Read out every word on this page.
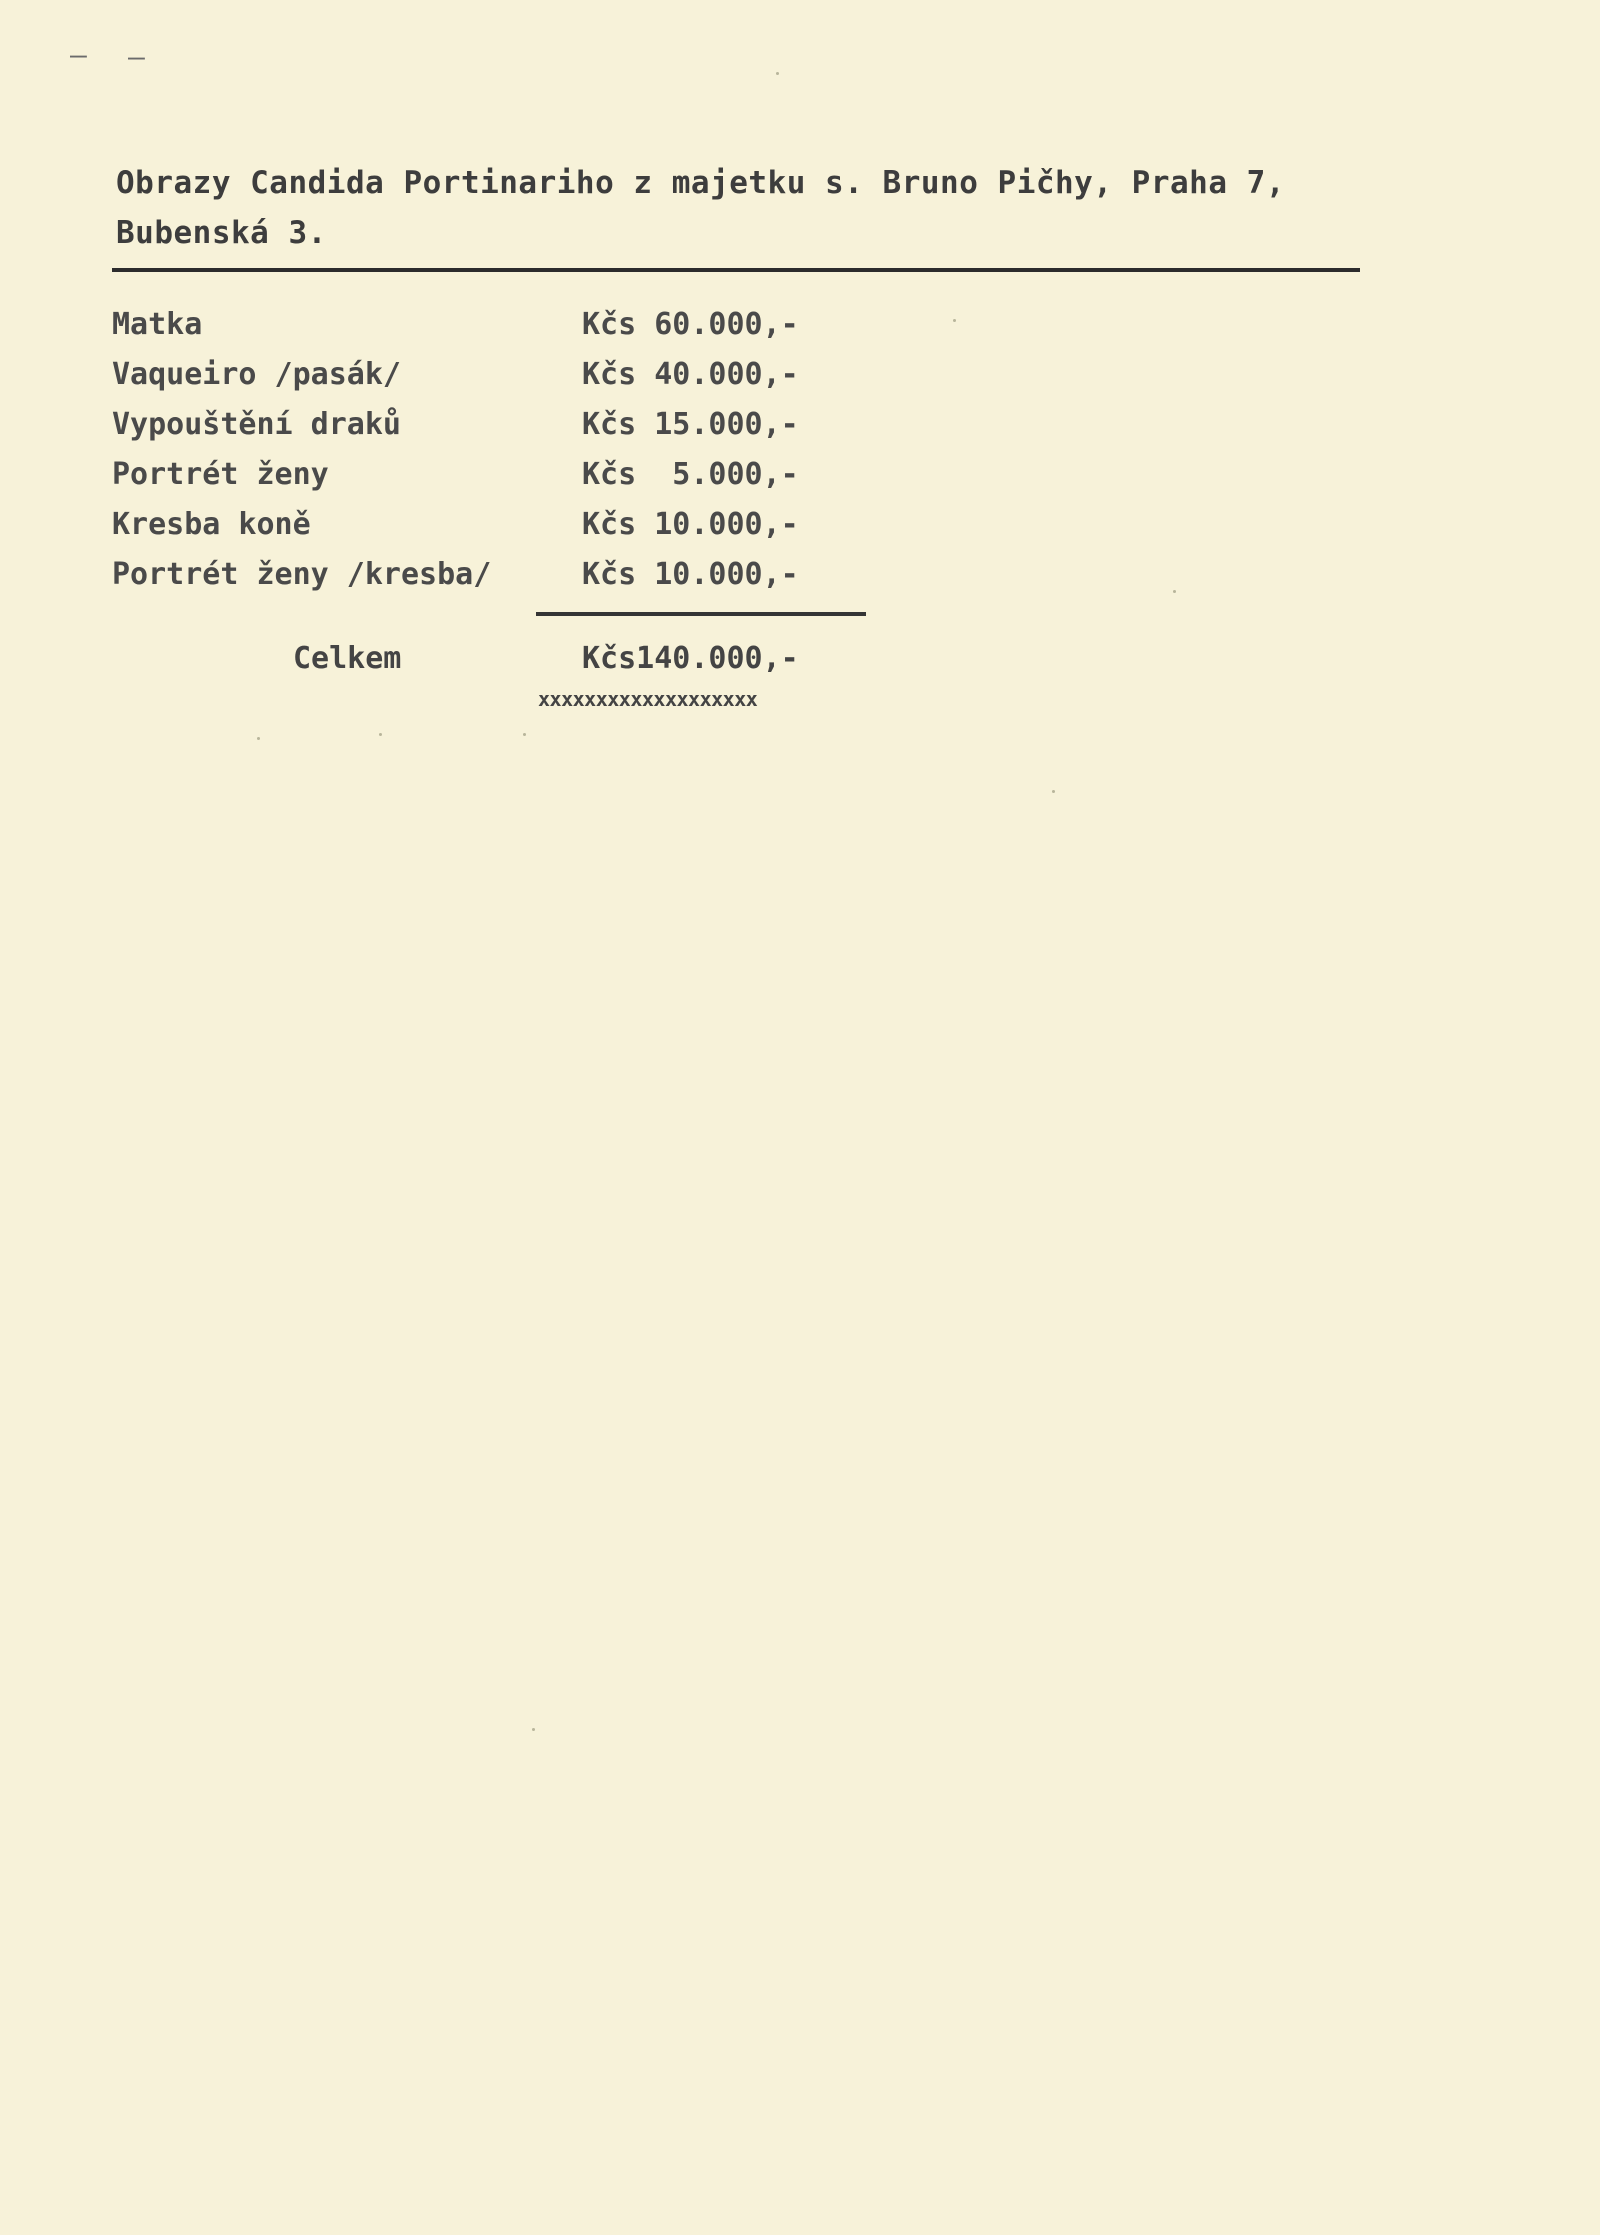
– –
Obrazy Candida Portinariho z majetku s. Bruno Pičhy, Praha 7, Bubenská 3.
Matka	Kčs 60.000,-
Vaqueiro /pasák/	Kčs 40.000,-
Vypouštění draků	Kčs 15.000,-
Portrét ženy	Kčs  5.000,-
Kresba koně	Kčs 10.000,-
Portrét ženy /kresba/	Kčs 10.000,-
Celkem	Kčs140.000,-
xxxxxxxxxxxxxxxxxxx
